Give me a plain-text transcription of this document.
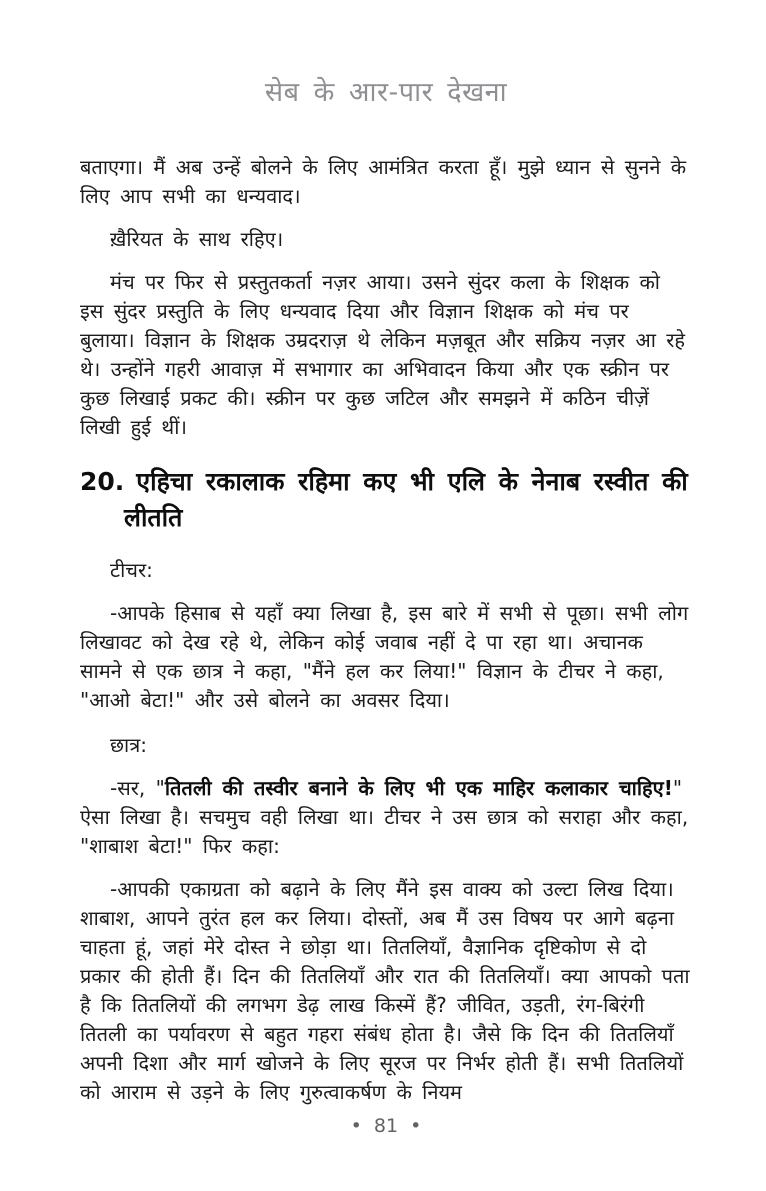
सेब के आर-पार देखना

बताएगा। मैं अब उन्हें बोलने के लिए आमंत्रित करता हूँ। मुझे ध्यान से सुनने के लिए आप सभी का धन्यवाद।

ख़ैरियत के साथ रहिए।

मंच पर फिर से प्रस्तुतकर्ता नज़र आया। उसने सुंदर कला के शिक्षक को इस सुंदर प्रस्तुति के लिए धन्यवाद दिया और विज्ञान शिक्षक को मंच पर बुलाया। विज्ञान के शिक्षक उम्रदराज़ थे लेकिन मज़बूत और सक्रिय नज़र आ रहे थे। उन्होंने गहरी आवाज़ में सभागार का अभिवादन किया और एक स्क्रीन पर कुछ लिखाई प्रकट की। स्क्रीन पर कुछ जटिल और समझने में कठिन चीज़ें लिखी हुई थीं।

20. एहिचा रकालाक रहिमा कए भी एलि के नेनाब रस्वीत की लीतति

टीचर:

-आपके हिसाब से यहाँ क्या लिखा है, इस बारे में सभी से पूछा। सभी लोग लिखावट को देख रहे थे, लेकिन कोई जवाब नहीं दे पा रहा था। अचानक सामने से एक छात्र ने कहा, "मैंने हल कर लिया!" विज्ञान के टीचर ने कहा, "आओ बेटा!" और उसे बोलने का अवसर दिया।

छात्र:

-सर, "तितली की तस्वीर बनाने के लिए भी एक माहिर कलाकार चाहिए!" ऐसा लिखा है। सचमुच वही लिखा था। टीचर ने उस छात्र को सराहा और कहा, "शाबाश बेटा!" फिर कहा:

-आपकी एकाग्रता को बढ़ाने के लिए मैंने इस वाक्य को उल्टा लिख दिया। शाबाश, आपने तुरंत हल कर लिया। दोस्तों, अब मैं उस विषय पर आगे बढ़ना चाहता हूं, जहां मेरे दोस्त ने छोड़ा था। तितलियाँ, वैज्ञानिक दृष्टिकोण से दो प्रकार की होती हैं। दिन की तितलियाँ और रात की तितलियाँ। क्या आपको पता है कि तितलियों की लगभग डेढ़ लाख किस्में हैं? जीवित, उड़ती, रंग-बिरंगी तितली का पर्यावरण से बहुत गहरा संबंध होता है। जैसे कि दिन की तितलियाँ अपनी दिशा और मार्ग खोजने के लिए सूरज पर निर्भर होती हैं। सभी तितलियों को आराम से उड़ने के लिए गुरुत्वाकर्षण के नियम

• 81 •
